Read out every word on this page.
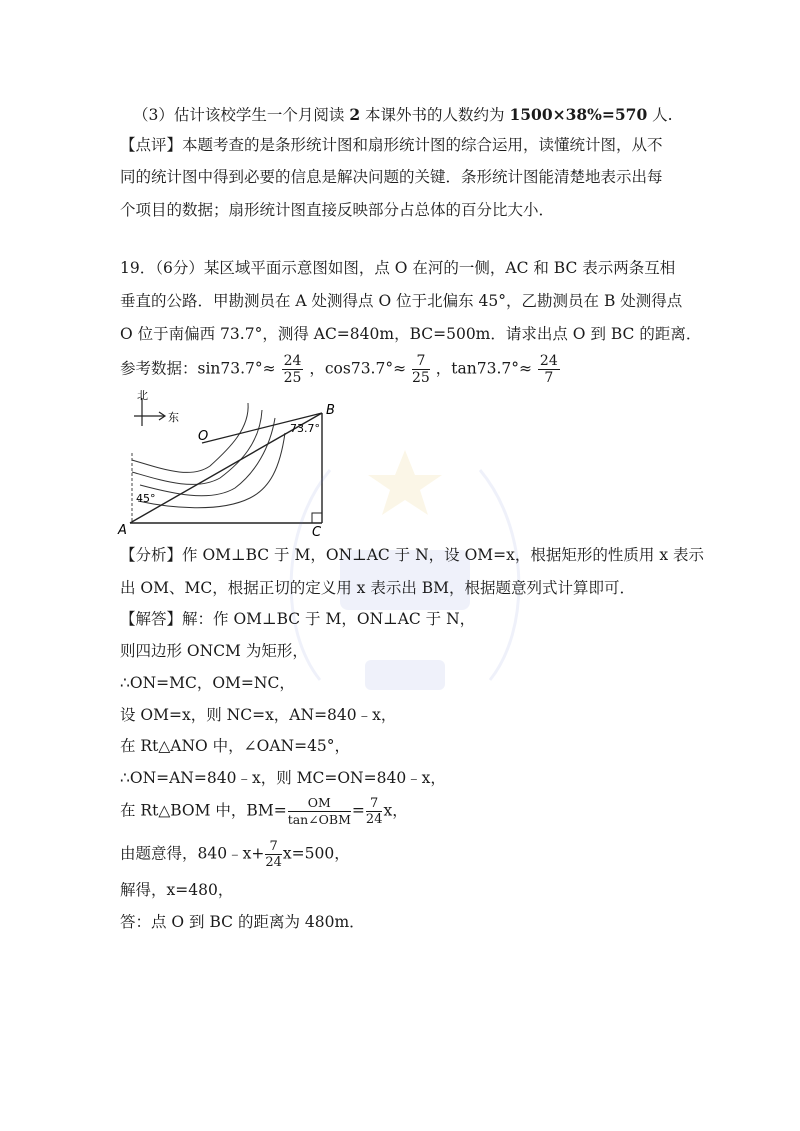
（3）估计该校学生一个月阅读 2 本课外书的人数约为 1500×38%=570 人.
【点评】本题考查的是条形统计图和扇形统计图的综合运用，读懂统计图，从不
同的统计图中得到必要的信息是解决问题的关键．条形统计图能清楚地表示出每
个项目的数据；扇形统计图直接反映部分占总体的百分比大小．
19．（6分）某区域平面示意图如图，点 O 在河的一侧，AC 和 BC 表示两条互相
垂直的公路．甲勘测员在 A 处测得点 O 位于北偏东 45°，乙勘测员在 B 处测得点
O 位于南偏西 73.7°，测得 AC=840m，BC=500m．请求出点 O 到 BC 的距离．
参考数据：$\sin 73.7^\circ\approx \frac{24}{25}$ ，$\cos 73.7^\circ\approx \frac{7}{25}$ ，$\tan 73.7^\circ\approx \frac{24}{7}$
北
东
A
B
C
O
73.7°
45°
【分析】作 OM⊥BC 于 M，ON⊥AC 于 N，设 OM=x，根据矩形的性质用 x 表示
出 OM、MC，根据正切的定义用 x 表示出 BM，根据题意列式计算即可．
【解答】解：作 OM⊥BC 于 M，ON⊥AC 于 N，
则四边形 ONCM 为矩形，
∴ON=MC，OM=NC，
设 OM=x，则 NC=x，AN=840﹣x，
在 Rt△ANO 中，∠OAN=45°，
∴ON=AN=840﹣x，则 MC=ON=840﹣x，
在 Rt△BOM 中，$BM= \frac{OM}{\text{tan∠OBM}} = \frac{7}{24}$ x，
由题意得，840﹣x+ $\frac{7}{24} x=500$，
解得，x=480，
答：点 O 到 BC 的距离为 480m．
